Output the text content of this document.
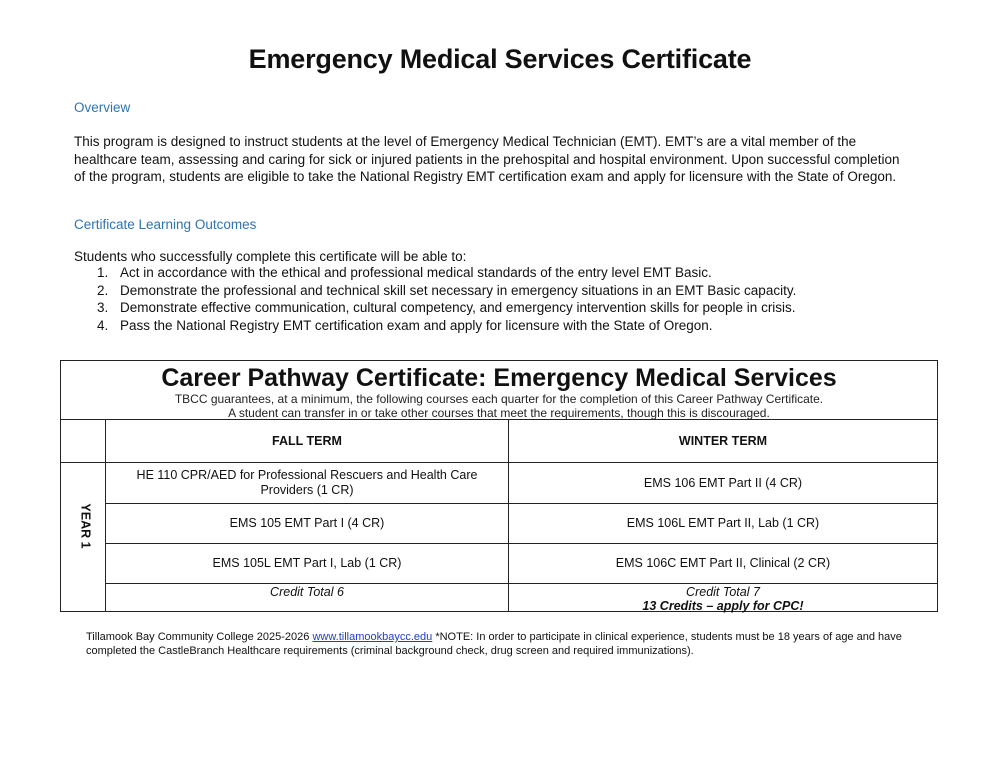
Emergency Medical Services Certificate
Overview
This program is designed to instruct students at the level of Emergency Medical Technician (EMT). EMT’s are a vital member of the healthcare team, assessing and caring for sick or injured patients in the prehospital and hospital environment. Upon successful completion of the program, students are eligible to take the National Registry EMT certification exam and apply for licensure with the State of Oregon.
Certificate Learning Outcomes
Students who successfully complete this certificate will be able to:
1. Act in accordance with the ethical and professional medical standards of the entry level EMT Basic.
2. Demonstrate the professional and technical skill set necessary in emergency situations in an EMT Basic capacity.
3. Demonstrate effective communication, cultural competency, and emergency intervention skills for people in crisis.
4. Pass the National Registry EMT certification exam and apply for licensure with the State of Oregon.
Career Pathway Certificate: Emergency Medical Services
TBCC guarantees, at a minimum, the following courses each quarter for the completion of this Career Pathway Certificate.
A student can transfer in or take other courses that meet the requirements, though this is discouraged.
FALL TERM	WINTER TERM
YEAR 1
HE 110 CPR/AED for Professional Rescuers and Health Care Providers (1 CR)
EMS 105 EMT Part I (4 CR)
EMS 105L EMT Part I, Lab (1 CR)
EMS 106 EMT Part II (4 CR)
EMS 106L EMT Part II, Lab (1 CR)
EMS 106C EMT Part II, Clinical (2 CR)
Credit Total 6	Credit Total 7
13 Credits – apply for CPC!
Tillamook Bay Community College 2025-2026 www.tillamookbaycc.edu *NOTE: In order to participate in clinical experience, students must be 18 years of age and have completed the CastleBranch Healthcare requirements (criminal background check, drug screen and required immunizations).
